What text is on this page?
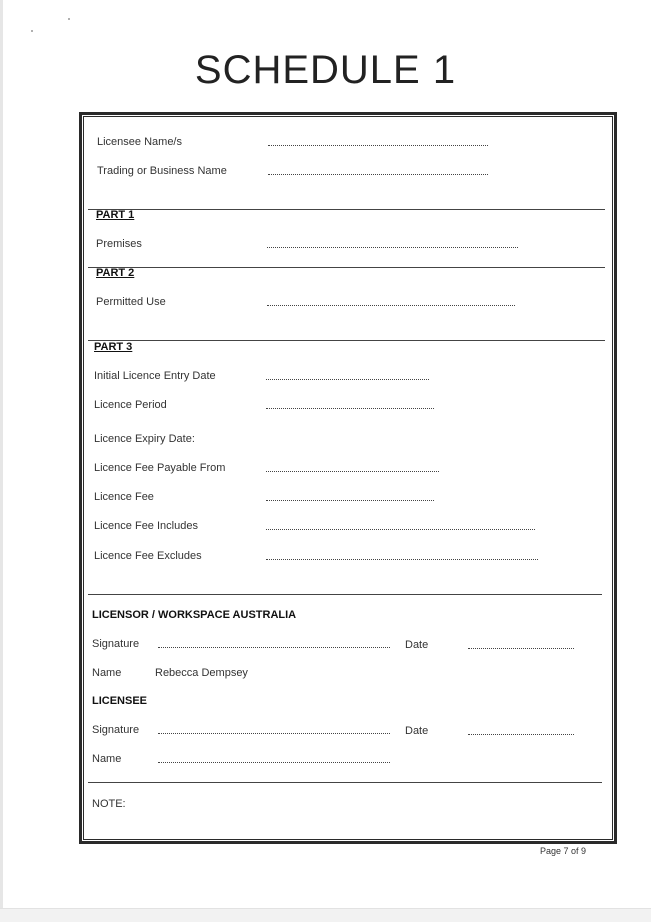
SCHEDULE 1
Licensee Name/s
Trading or Business Name
PART 1
Premises
PART 2
Permitted Use
PART 3
Initial Licence Entry Date
Licence Period
Licence Expiry Date:
Licence Fee Payable From
Licence Fee
Licence Fee Includes
Licence Fee Excludes
LICENSOR / WORKSPACE AUSTRALIA
Signature	Date
Name	Rebecca Dempsey
LICENSEE
Signature	Date
Name
NOTE:
Page 7 of 9
